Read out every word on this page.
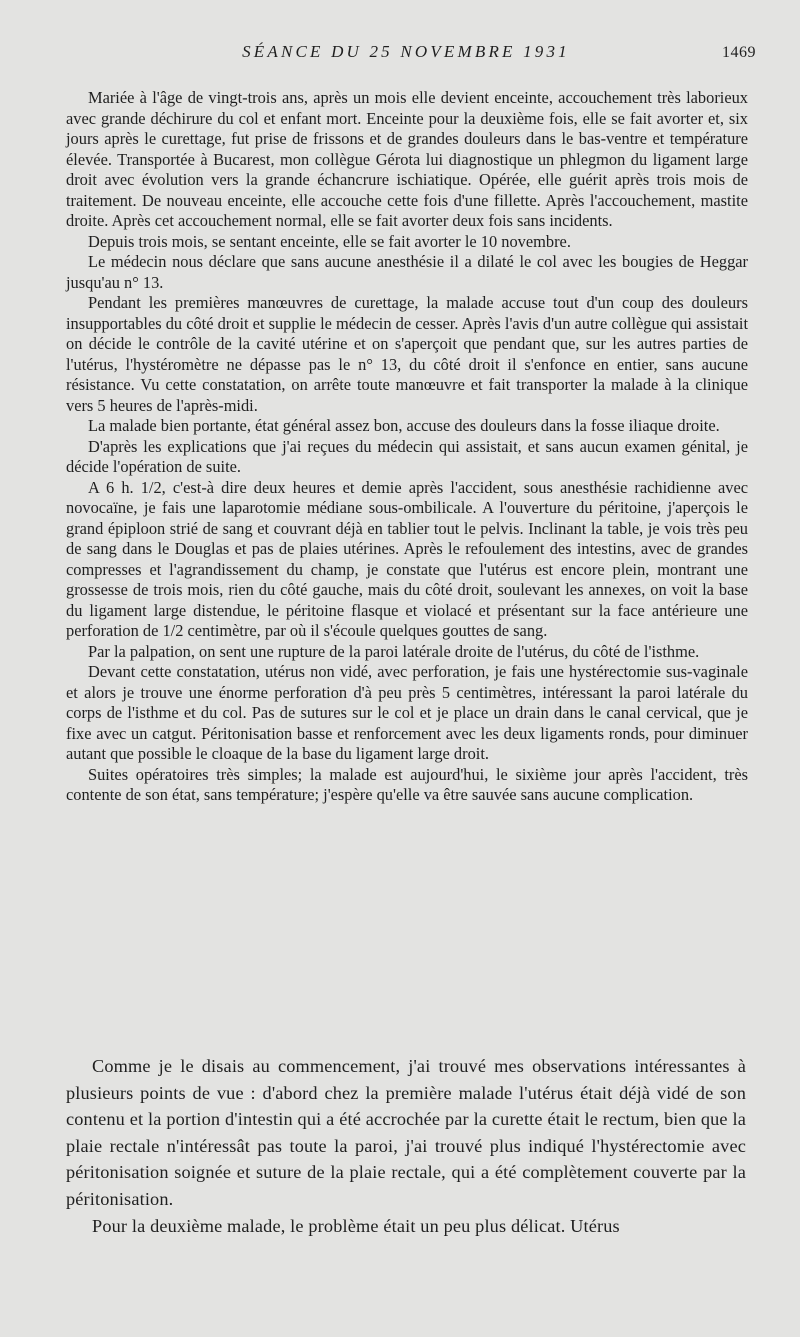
SÉANCE DU 25 NOVEMBRE 1931	1469

Mariée à l'âge de vingt-trois ans, après un mois elle devient enceinte, accouchement très laborieux avec grande déchirure du col et enfant mort. Enceinte pour la deuxième fois, elle se fait avorter et, six jours après le curettage, fut prise de frissons et de grandes douleurs dans le bas-ventre et température élevée. Transportée à Bucarest, mon collègue Gérota lui diagnostique un phlegmon du ligament large droit avec évolution vers la grande échancrure ischiatique. Opérée, elle guérit après trois mois de traitement. De nouveau enceinte, elle accouche cette fois d'une fillette. Après l'accouchement, mastite droite. Après cet accouchement normal, elle se fait avorter deux fois sans incidents.

Depuis trois mois, se sentant enceinte, elle se fait avorter le 10 novembre.

Le médecin nous déclare que sans aucune anesthésie il a dilaté le col avec les bougies de Heggar jusqu'au n° 13.

Pendant les premières manœuvres de curettage, la malade accuse tout d'un coup des douleurs insupportables du côté droit et supplie le médecin de cesser. Après l'avis d'un autre collègue qui assistait on décide le contrôle de la cavité utérine et on s'aperçoit que pendant que, sur les autres parties de l'utérus, l'hystéromètre ne dépasse pas le n° 13, du côté droit il s'enfonce en entier, sans aucune résistance. Vu cette constatation, on arrête toute manœuvre et fait transporter la malade à la clinique vers 5 heures de l'après-midi.

La malade bien portante, état général assez bon, accuse des douleurs dans la fosse iliaque droite.

D'après les explications que j'ai reçues du médecin qui assistait, et sans aucun examen génital, je décide l'opération de suite.

A 6 h. 1/2, c'est-à dire deux heures et demie après l'accident, sous anesthésie rachidienne avec novocaïne, je fais une laparotomie médiane sous-ombilicale. A l'ouverture du péritoine, j'aperçois le grand épiploon strié de sang et couvrant déjà en tablier tout le pelvis. Inclinant la table, je vois très peu de sang dans le Douglas et pas de plaies utérines. Après le refoulement des intestins, avec de grandes compresses et l'agrandissement du champ, je constate que l'utérus est encore plein, montrant une grossesse de trois mois, rien du côté gauche, mais du côté droit, soulevant les annexes, on voit la base du ligament large distendue, le péritoine flasque et violacé et présentant sur la face antérieure une perforation de 1/2 centimètre, par où il s'écoule quelques gouttes de sang.

Par la palpation, on sent une rupture de la paroi latérale droite de l'utérus, du côté de l'isthme.

Devant cette constatation, utérus non vidé, avec perforation, je fais une hystérectomie sus-vaginale et alors je trouve une énorme perforation d'à peu près 5 centimètres, intéressant la paroi latérale du corps de l'isthme et du col. Pas de sutures sur le col et je place un drain dans le canal cervical, que je fixe avec un catgut. Péritonisation basse et renforcement avec les deux ligaments ronds, pour diminuer autant que possible le cloaque de la base du ligament large droit.

Suites opératoires très simples; la malade est aujourd'hui, le sixième jour après l'accident, très contente de son état, sans température; j'espère qu'elle va être sauvée sans aucune complication.

Comme je le disais au commencement, j'ai trouvé mes observations intéressantes à plusieurs points de vue : d'abord chez la première malade l'utérus était déjà vidé de son contenu et la portion d'intestin qui a été accrochée par la curette était le rectum, bien que la plaie rectale n'intéressât pas toute la paroi, j'ai trouvé plus indiqué l'hystérectomie avec péritonisation soignée et suture de la plaie rectale, qui a été complètement couverte par la péritonisation.

Pour la deuxième malade, le problème était un peu plus délicat. Utérus
